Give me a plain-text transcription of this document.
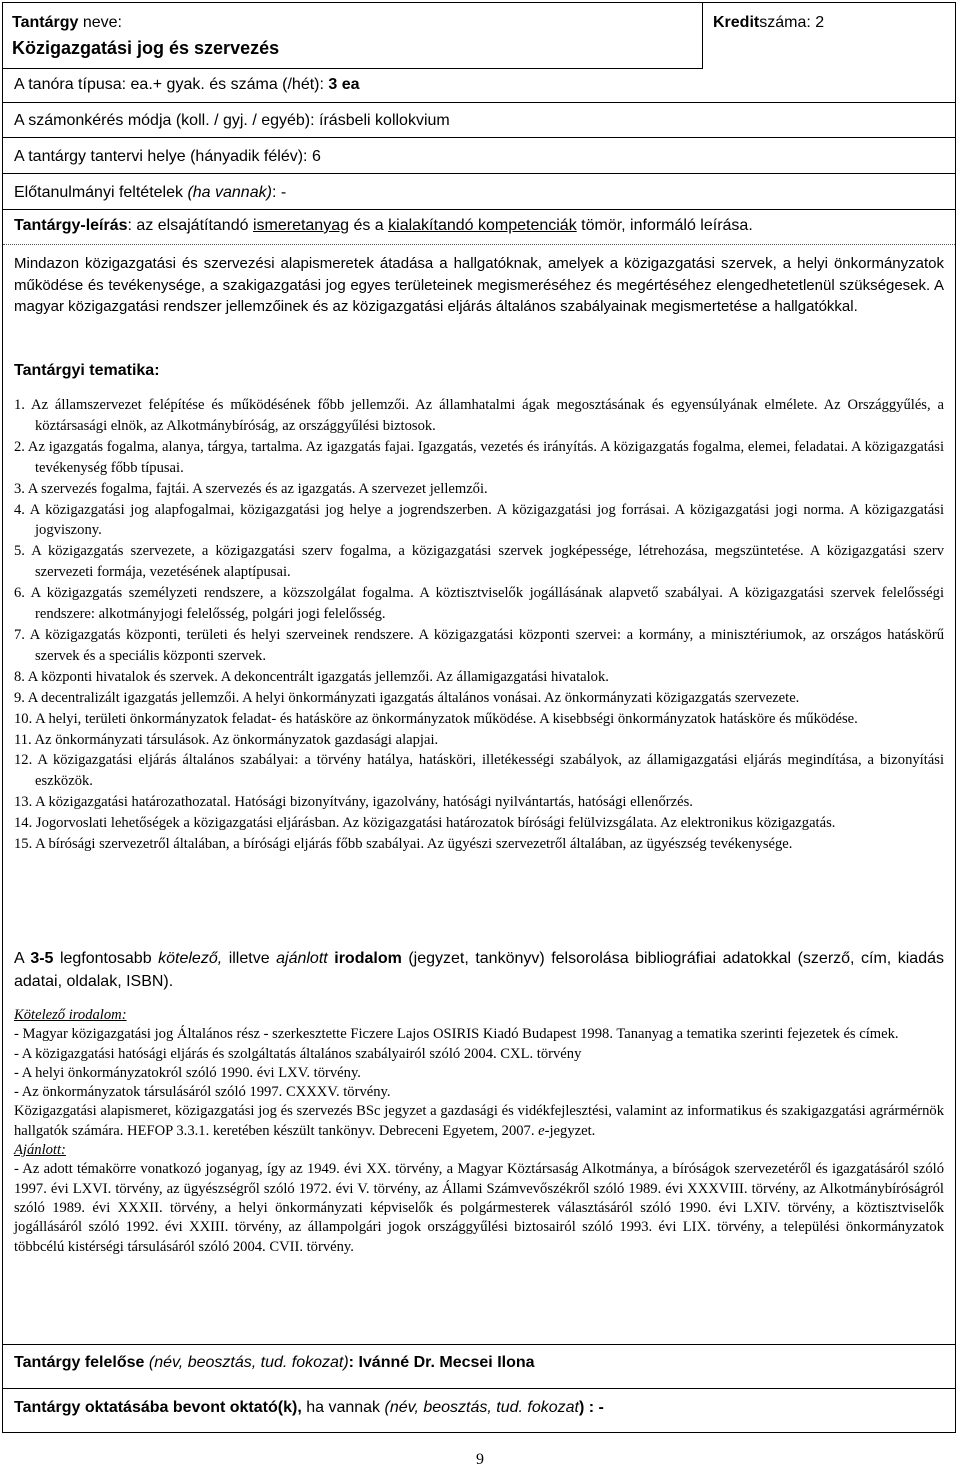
Tantárgy neve:
Közigazgatási jog és szervezés
Kreditszáma: 2
A tanóra típusa: ea.+ gyak. és száma (/hét): 3 ea
A számonkérés módja (koll. / gyj. / egyéb): írásbeli kollokvium
A tantárgy tantervi helye (hányadik félév): 6
Előtanulmányi feltételek (ha vannak): -
Tantárgy-leírás: az elsajátítandó ismeretanyag és a kialakítandó kompetenciák tömör, informáló leírása.
Mindazon közigazgatási és szervezési alapismeretek átadása a hallgatóknak, amelyek a közigazgatási szervek, a helyi önkormányzatok működése és tevékenysége, a szakigazgatási jog egyes területeinek megismeréséhez és megértéséhez elengedhetetlenül szükségesek. A magyar közigazgatási rendszer jellemzőinek és az közigazgatási eljárás általános szabályainak megismertetése a hallgatókkal.
Tantárgyi tematika:
1. Az államszervezet felépítése és működésének főbb jellemzői. Az államhatalmi ágak megosztásának és egyensúlyának elmélete. Az Országgyűlés, a köztársasági elnök, az Alkotmánybíróság, az országgyűlési biztosok.
2. Az igazgatás fogalma, alanya, tárgya, tartalma. Az igazgatás fajai. Igazgatás, vezetés és irányítás. A közigazgatás fogalma, elemei, feladatai. A közigazgatási tevékenység főbb típusai.
3. A szervezés fogalma, fajtái. A szervezés és az igazgatás. A szervezet jellemzői.
4. A közigazgatási jog alapfogalmai, közigazgatási jog helye a jogrendszerben. A közigazgatási jog forrásai. A közigazgatási jogi norma. A közigazgatási jogviszony.
5. A közigazgatás szervezete, a közigazgatási szerv fogalma, a közigazgatási szervek jogképessége, létrehozása, megszüntetése. A közigazgatási szerv szervezeti formája, vezetésének alaptípusai.
6. A közigazgatás személyzeti rendszere, a közszolgálat fogalma. A köztisztviselők jogállásának alapvető szabályai. A közigazgatási szervek felelősségi rendszere: alkotmányjogi felelősség, polgári jogi felelősség.
7. A közigazgatás központi, területi és helyi szerveinek rendszere. A közigazgatási központi szervei: a kormány, a minisztériumok, az országos hatáskörű szervek és a speciális központi szervek.
8. A központi hivatalok és szervek. A dekoncentrált igazgatás jellemzői. Az államigazgatási hivatalok.
9. A decentralizált igazgatás jellemzői. A helyi önkormányzati igazgatás általános vonásai. Az önkormányzati közigazgatás szervezete.
10. A helyi, területi önkormányzatok feladat- és hatásköre az önkormányzatok működése. A kisebbségi önkormányzatok hatásköre és működése.
11. Az önkormányzati társulások. Az önkormányzatok gazdasági alapjai.
12. A közigazgatási eljárás általános szabályai: a törvény hatálya, hatásköri, illetékességi szabályok, az államigazgatási eljárás megindítása, a bizonyítási eszközök.
13. A közigazgatási határozathozatal. Hatósági bizonyítvány, igazolvány, hatósági nyilvántartás, hatósági ellenőrzés.
14. Jogorvoslati lehetőségek a közigazgatási eljárásban. Az közigazgatási határozatok bírósági felülvizsgálata. Az elektronikus közigazgatás.
15. A bírósági szervezetről általában, a bírósági eljárás főbb szabályai. Az ügyészi szervezetről általában, az ügyészség tevékenysége.
A 3-5 legfontosabb kötelező, illetve ajánlott irodalom (jegyzet, tankönyv) felsorolása bibliográfiai adatokkal (szerző, cím, kiadás adatai, oldalak, ISBN).

Kötelező irodalom:

- Magyar közigazgatási jog Általános rész - szerkesztette Ficzere Lajos OSIRIS Kiadó Budapest 1998. Tananyag a tematika szerinti fejezetek és címek.

- A közigazgatási hatósági eljárás és szolgáltatás általános szabályairól szóló 2004. CXL. törvény

- A helyi önkormányzatokról szóló 1990. évi LXV. törvény.

- Az önkormányzatok társulásáról szóló 1997. CXXXV. törvény.

Közigazgatási alapismeret, közigazgatási jog és szervezés BSc jegyzet a gazdasági és vidékfejlesztési, valamint az informatikus és szakigazgatási agrármérnök hallgatók számára. HEFOP 3.3.1. keretében készült tankönyv. Debreceni Egyetem, 2007. e-jegyzet.

Ajánlott:

- Az adott témakörre vonatkozó joganyag, így az 1949. évi XX. törvény, a Magyar Köztársaság Alkotmánya, a bíróságok szervezetéről és igazgatásáról szóló 1997. évi LXVI. törvény, az ügyészségről szóló 1972. évi V. törvény, az Állami Számvevőszékről szóló 1989. évi XXXVIII. törvény, az Alkotmánybíróságról szóló 1989. évi XXXII. törvény, a helyi önkormányzati képviselők és polgármesterek választásáról szóló 1990. évi LXIV. törvény, a köztisztviselők jogállásáról szóló 1992. évi XXIII. törvény, az állampolgári jogok országgyűlési biztosairól szóló 1993. évi LIX. törvény, a települési önkormányzatok többcélú kistérségi társulásáról szóló 2004. CVII. törvény.

Tantárgy felelőse (név, beosztás, tud. fokozat): Ivánné Dr. Mecsei Ilona
Tantárgy oktatásába bevont oktató(k), ha vannak (név, beosztás, tud. fokozat) : -
9
